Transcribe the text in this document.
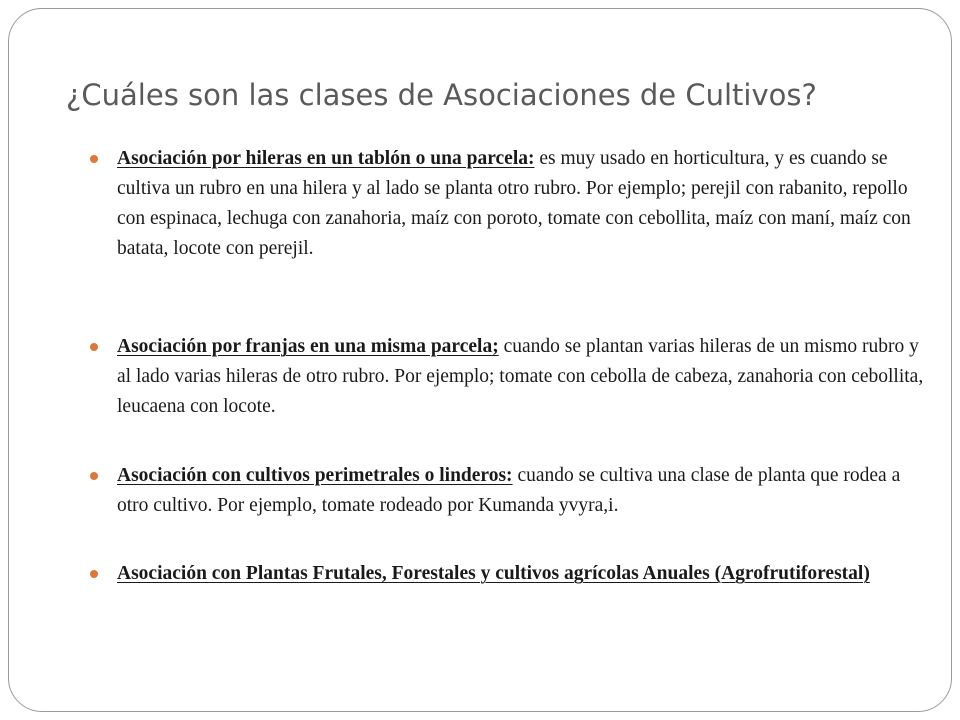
¿Cuáles son las clases de Asociaciones de Cultivos?
Asociación por hileras en un tablón o una parcela: es muy usado en horticultura, y es cuando se cultiva un rubro en una hilera y al lado se planta otro rubro. Por ejemplo; perejil con rabanito, repollo con espinaca, lechuga con zanahoria, maíz con poroto, tomate con cebollita, maíz con maní, maíz con batata, locote con perejil.
Asociación por franjas en una misma parcela; cuando se plantan varias hileras de un mismo rubro y al lado varias hileras de otro rubro. Por ejemplo; tomate con cebolla de cabeza, zanahoria con cebollita, leucaena con locote.
Asociación con cultivos perimetrales o linderos: cuando se cultiva una clase de planta que rodea a otro cultivo. Por ejemplo, tomate rodeado por Kumanda yvyra,i.
Asociación con Plantas Frutales, Forestales y cultivos agrícolas Anuales (Agrofrutiforestal)
